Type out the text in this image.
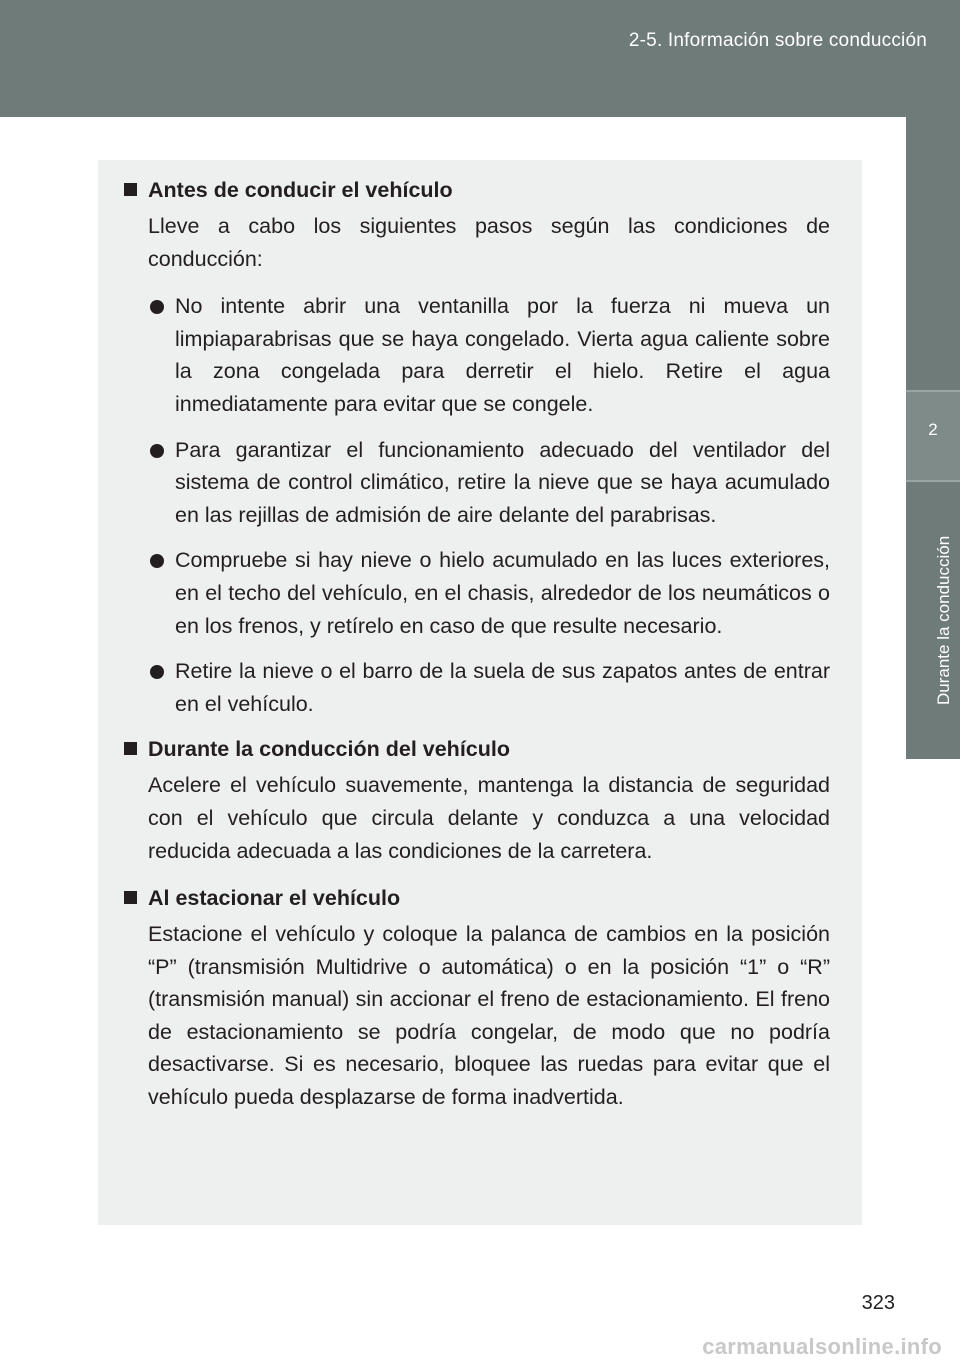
2-5. Información sobre conducción
2
Durante la conducción
Antes de conducir el vehículo
Lleve a cabo los siguientes pasos según las condiciones de conducción:
No intente abrir una ventanilla por la fuerza ni mueva un limpiaparabrisas que se haya congelado. Vierta agua caliente sobre la zona congelada para derretir el hielo. Retire el agua inmediatamente para evitar que se congele.
Para garantizar el funcionamiento adecuado del ventilador del sistema de control climático, retire la nieve que se haya acumulado en las rejillas de admisión de aire delante del parabrisas.
Compruebe si hay nieve o hielo acumulado en las luces exteriores, en el techo del vehículo, en el chasis, alrededor de los neumáticos o en los frenos, y retírelo en caso de que resulte necesario.
Retire la nieve o el barro de la suela de sus zapatos antes de entrar en el vehículo.
Durante la conducción del vehículo
Acelere el vehículo suavemente, mantenga la distancia de seguridad con el vehículo que circula delante y conduzca a una velocidad reducida adecuada a las condiciones de la carretera.
Al estacionar el vehículo
Estacione el vehículo y coloque la palanca de cambios en la posición “P” (transmisión Multidrive o automática) o en la posición “1” o “R” (transmisión manual) sin accionar el freno de estacionamiento. El freno de estacionamiento se podría congelar, de modo que no podría desactivarse. Si es necesario, bloquee las ruedas para evitar que el vehículo pueda desplazarse de forma inadvertida.
323
carmanualsonline.info
